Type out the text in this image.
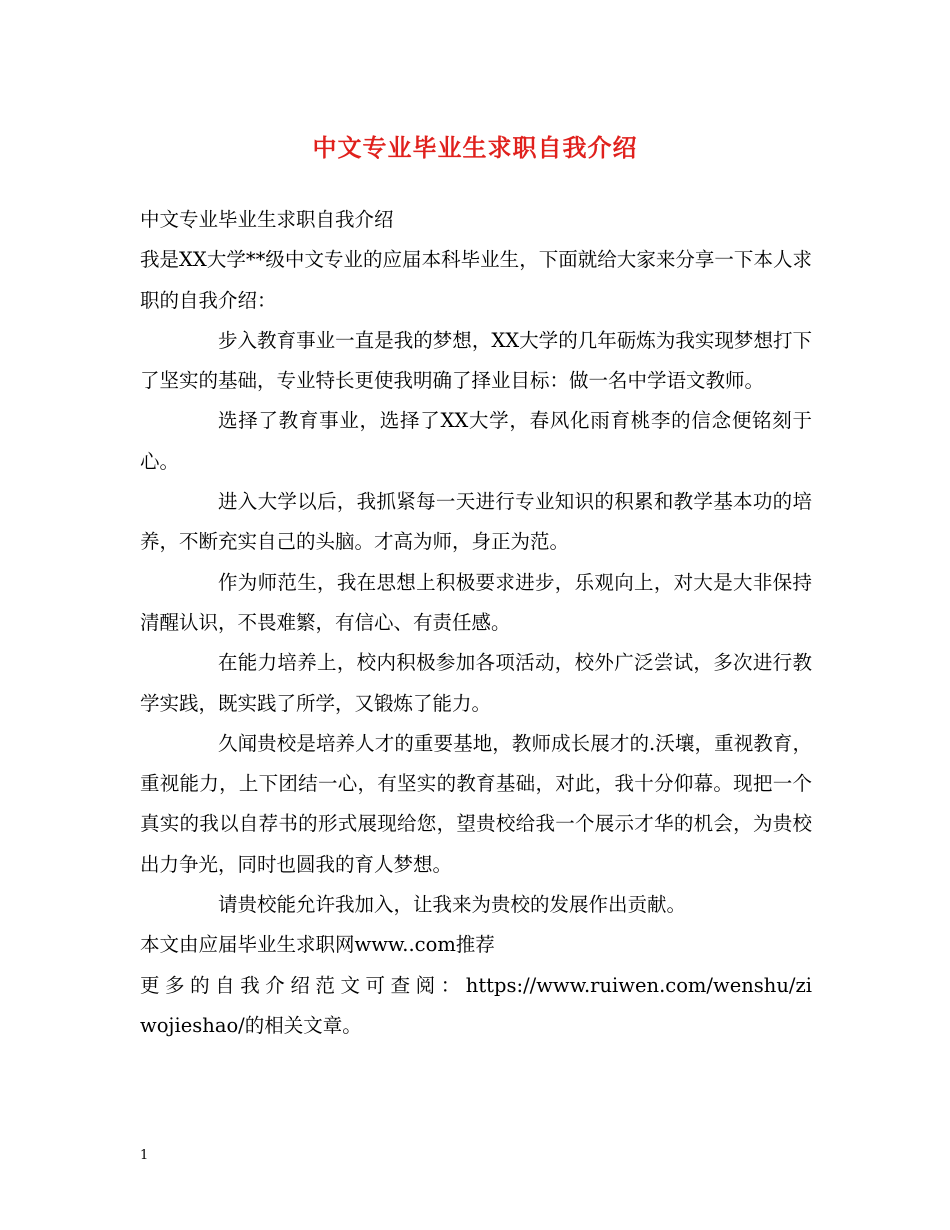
中文专业毕业生求职自我介绍

中文专业毕业生求职自我介绍

我是XX大学**级中文专业的应届本科毕业生，下面就给大家来分享一下本人求职的自我介绍：

步入教育事业一直是我的梦想，XX大学的几年砺炼为我实现梦想打下了坚实的基础，专业特长更使我明确了择业目标：做一名中学语文教师。

选择了教育事业，选择了XX大学，春风化雨育桃李的信念便铭刻于心。

进入大学以后，我抓紧每一天进行专业知识的积累和教学基本功的培养，不断充实自己的头脑。才高为师，身正为范。

作为师范生，我在思想上积极要求进步，乐观向上，对大是大非保持清醒认识，不畏难繁，有信心、有责任感。

在能力培养上，校内积极参加各项活动，校外广泛尝试，多次进行教学实践，既实践了所学，又锻炼了能力。

久闻贵校是培养人才的重要基地，教师成长展才的.沃壤，重视教育，重视能力，上下团结一心，有坚实的教育基础，对此，我十分仰幕。现把一个真实的我以自荐书的形式展现给您，望贵校给我一个展示才华的机会，为贵校出力争光，同时也圆我的育人梦想。

请贵校能允许我加入，让我来为贵校的发展作出贡献。

本文由应届毕业生求职网www..com推荐

更多的自我介绍范文可查阅：https://www.ruiwen.com/wenshu/ziwojieshao/的相关文章。

1
